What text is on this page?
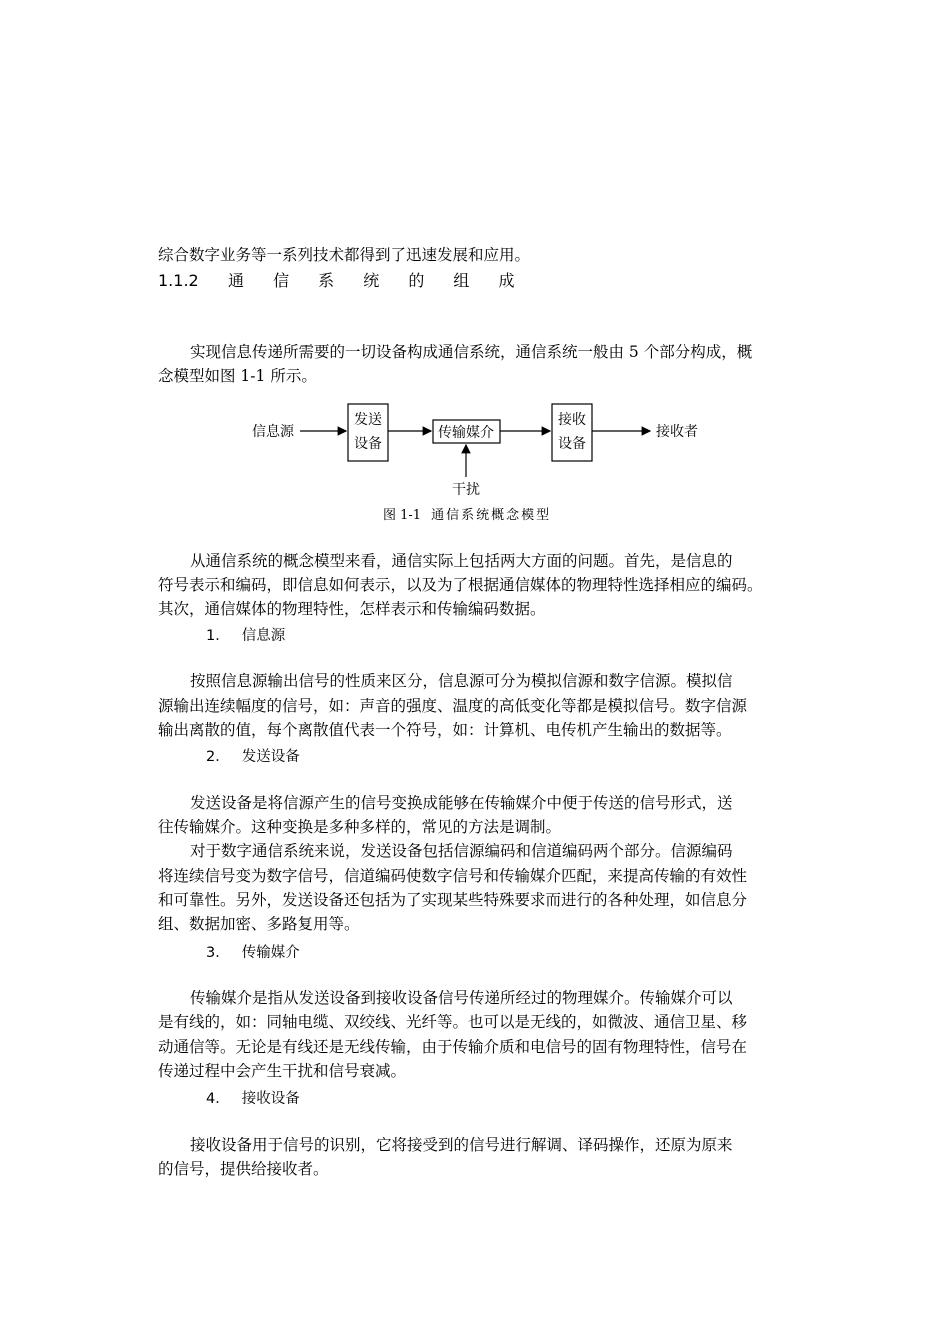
综合数字业务等一系列技术都得到了迅速发展和应用。
1.1.2 通 信 系 统 的 组 成
实现信息传递所需要的一切设备构成通信系统，通信系统一般由 5 个部分构成，概
念模型如图 1-1 所示。
信息源
发送
设备
传输媒介
接收
设备
接收者
干扰
图 1-1 通信系统概念模型
从通信系统的概念模型来看，通信实际上包括两大方面的问题。首先，是信息的
符号表示和编码，即信息如何表示，以及为了根据通信媒体的物理特性选择相应的编码。
其次，通信媒体的物理特性，怎样表示和传输编码数据。
1． 信息源
按照信息源输出信号的性质来区分，信息源可分为模拟信源和数字信源。模拟信
源输出连续幅度的信号，如：声音的强度、温度的高低变化等都是模拟信号。数字信源
输出离散的值，每个离散值代表一个符号，如：计算机、电传机产生输出的数据等。
2． 发送设备
发送设备是将信源产生的信号变换成能够在传输媒介中便于传送的信号形式，送
往传输媒介。这种变换是多种多样的，常见的方法是调制。
对于数字通信系统来说，发送设备包括信源编码和信道编码两个部分。信源编码
将连续信号变为数字信号，信道编码使数字信号和传输媒介匹配，来提高传输的有效性
和可靠性。另外，发送设备还包括为了实现某些特殊要求而进行的各种处理，如信息分
组、数据加密、多路复用等。
3． 传输媒介
传输媒介是指从发送设备到接收设备信号传递所经过的物理媒介。传输媒介可以
是有线的，如：同轴电缆、双绞线、光纤等。也可以是无线的，如微波、通信卫星、移
动通信等。无论是有线还是无线传输，由于传输介质和电信号的固有物理特性，信号在
传递过程中会产生干扰和信号衰减。
4． 接收设备
接收设备用于信号的识别，它将接受到的信号进行解调、译码操作，还原为原来
的信号，提供给接收者。
